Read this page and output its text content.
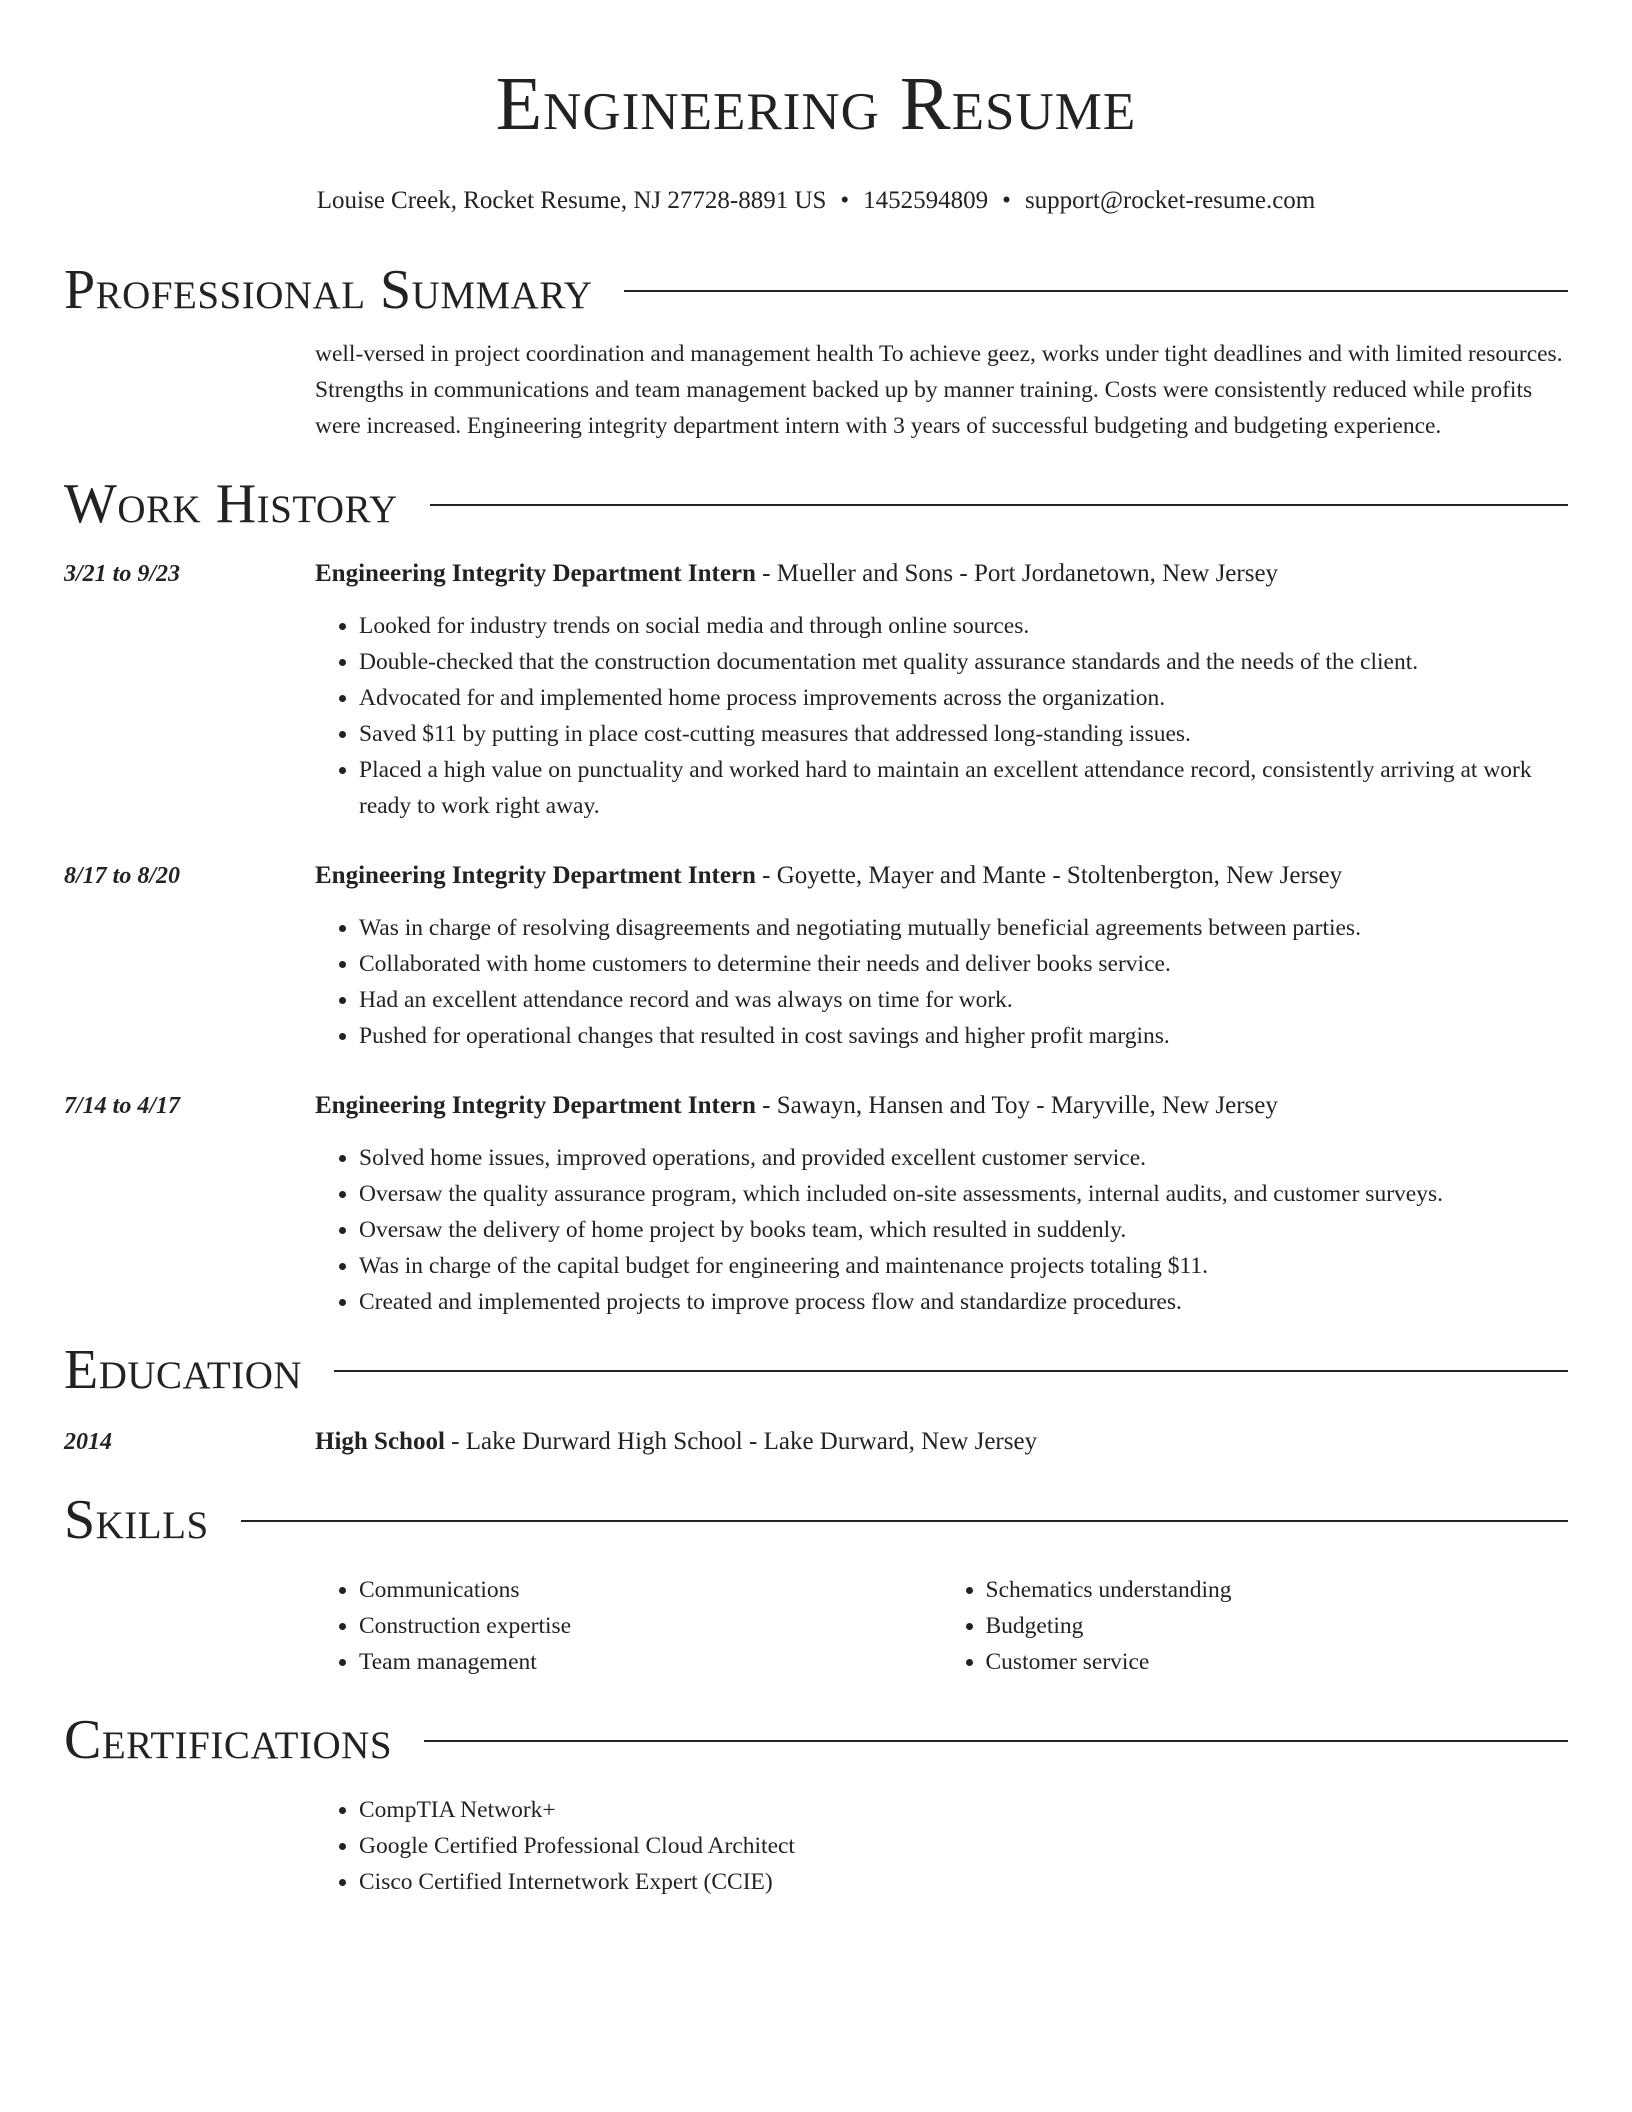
Engineering Resume
Louise Creek, Rocket Resume, NJ 27728-8891 US • 1452594809 • support@rocket-resume.com
Professional Summary
well-versed in project coordination and management health To achieve geez, works under tight deadlines and with limited resources. Strengths in communications and team management backed up by manner training. Costs were consistently reduced while profits were increased. Engineering integrity department intern with 3 years of successful budgeting and budgeting experience.
Work History
3/21 to 9/23	Engineering Integrity Department Intern - Mueller and Sons - Port Jordanetown, New Jersey
• Looked for industry trends on social media and through online sources.
• Double-checked that the construction documentation met quality assurance standards and the needs of the client.
• Advocated for and implemented home process improvements across the organization.
• Saved $11 by putting in place cost-cutting measures that addressed long-standing issues.
• Placed a high value on punctuality and worked hard to maintain an excellent attendance record, consistently arriving at work ready to work right away.
8/17 to 8/20	Engineering Integrity Department Intern - Goyette, Mayer and Mante - Stoltenbergton, New Jersey
• Was in charge of resolving disagreements and negotiating mutually beneficial agreements between parties.
• Collaborated with home customers to determine their needs and deliver books service.
• Had an excellent attendance record and was always on time for work.
• Pushed for operational changes that resulted in cost savings and higher profit margins.
7/14 to 4/17	Engineering Integrity Department Intern - Sawayn, Hansen and Toy - Maryville, New Jersey
• Solved home issues, improved operations, and provided excellent customer service.
• Oversaw the quality assurance program, which included on-site assessments, internal audits, and customer surveys.
• Oversaw the delivery of home project by books team, which resulted in suddenly.
• Was in charge of the capital budget for engineering and maintenance projects totaling $11.
• Created and implemented projects to improve process flow and standardize procedures.
Education
2014	High School - Lake Durward High School - Lake Durward, New Jersey
Skills
• Communications
• Construction expertise
• Team management
• Schematics understanding
• Budgeting
• Customer service
Certifications
• CompTIA Network+
• Google Certified Professional Cloud Architect
• Cisco Certified Internetwork Expert (CCIE)
